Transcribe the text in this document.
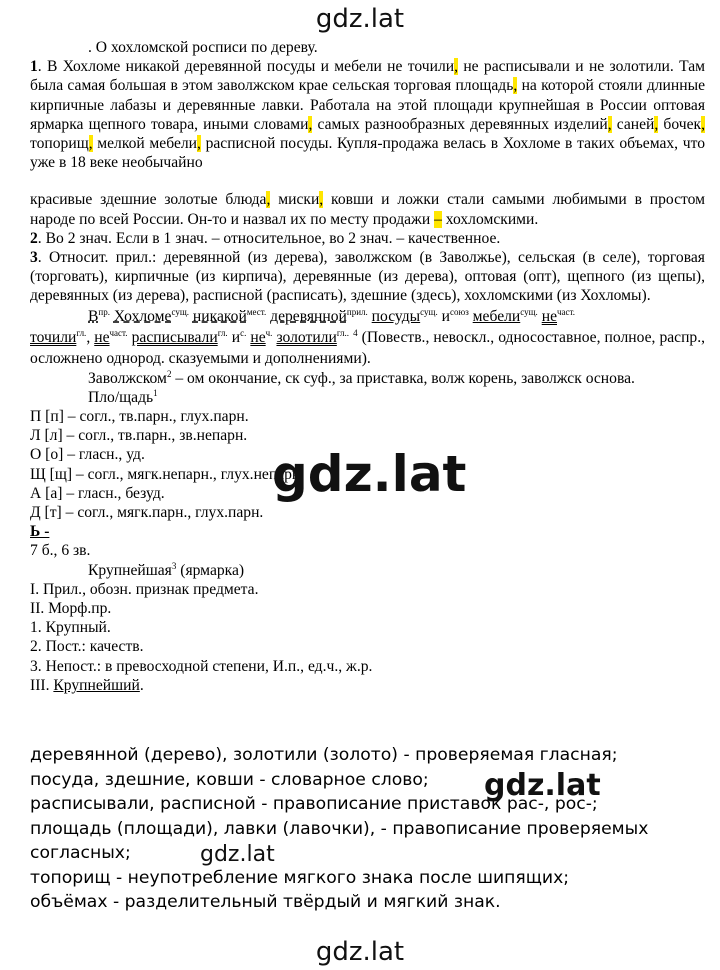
gdz.lat

. О хохломской росписи по дереву.

1. В Хохломе никакой деревянной посуды и мебели не точили, не расписывали и не золотили. Там была самая большая в этом заволжском крае сельская торговая площадь, на которой стояли длинные кирпичные лабазы и деревянные лавки. Работала на этой площади крупнейшая в России оптовая ярмарка щепного товара, иными словами, самых разнообразных деревянных изделий, саней, бочек, топорищ, мелкой мебели, расписной посуды. Купля-продажа велась в Хохломе в таких объемах, что уже в 18 веке необычайно

красивые здешние золотые блюда, миски, ковши и ложки стали самыми любимыми в простом народе по всей России. Он-то и назвал их по месту продажи – хохломскими.

2. Во 2 знач. Если в 1 знач. – относительное, во 2 знач. – качественное.

3. Относит. прил.: деревянной (из дерева), заволжском (в Заволжье), сельская (в селе), торговая (торговать), кирпичные (из кирпича), деревянные (из дерева), оптовая (опт), щепного (из щепы), деревянных (из дерева), расписной (расписать), здешние (здесь), хохломскими (из Хохломы).

$В^{пр.}$ Хохломе$^{сущ.}$ никакой$^{мест.}$ деревянной$^{прил.}$ посуды$^{сущ.}$ $и^{союз}$ мебели$^{сущ.}$ $не^{част.}$

точили$^{гл.}$, $не^{част.}$ расписывали$^{гл.}$ $и^{с.}$ $не^{ч.}$ золотили$^{гл..}$ $^4$ (Повеств., невоскл., односоставное, полное, распр., осложнено однород. сказуемыми и дополнениями).

Заволжском$^2$ – ом окончание, ск суф., за приставка, волж корень, заволжск основа.

Пло/щадь$^1$

П [п] – согл., тв.парн., глух.парн.

Л [л] – согл., тв.парн., зв.непарн.

О [о] – гласн., уд.

Щ [щ] – согл., мягк.непарн., глух.непарн.

А [а] – гласн., безуд.

Д [т] – согл., мягк.парн., глух.парн.

Ь -

7 б., 6 зв.

Крупнейшая$^3$ (ярмарка)

I. Прил., обозн. признак предмета.

II. Морф.пр.

1. Крупный.

2. Пост.: качеств.

3. Непост.: в превосходной степени, И.п., ед.ч., ж.р.

III. Крупнейший.

деревянной (дерево), золотили (золото) - проверяемая гласная;

посуда, здешние, ковши - словарное слово;

расписывали, расписной - правописание приставок рас-, рос-;

площадь (площади), лавки (лавочки), - правописание проверяемых

согласных;

топорищ - неупотребление мягкого знака после шипящих;

объёмах - разделительный твёрдый и мягкий знак.

gdz.lat
gdz.lat
gdz.lat
gdz.lat
